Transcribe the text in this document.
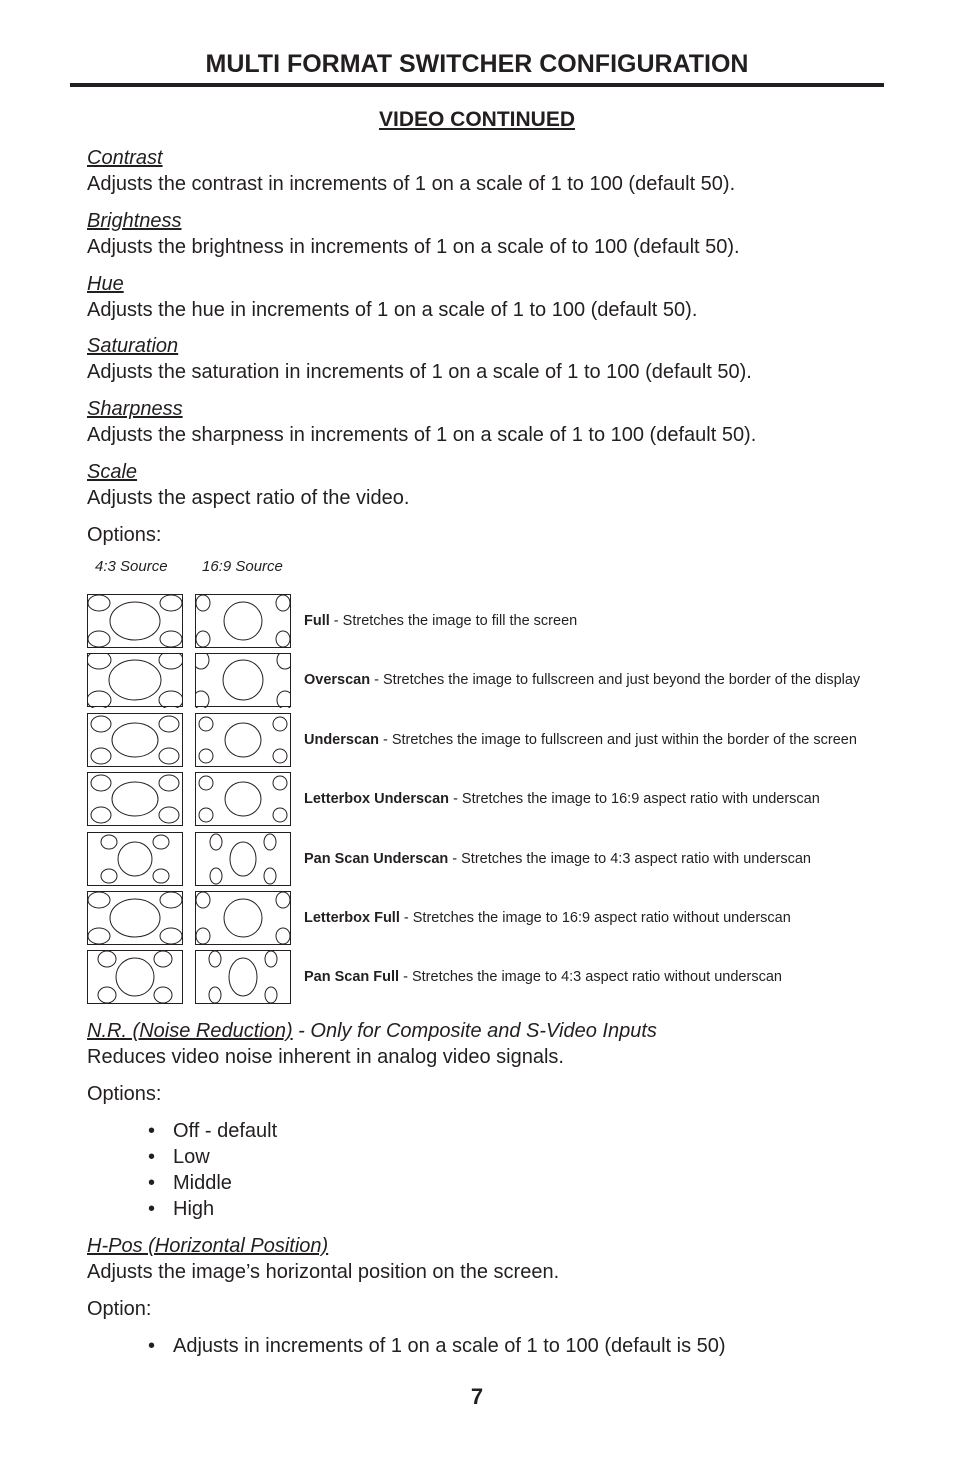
MULTI FORMAT SWITCHER CONFIGURATION
VIDEO CONTINUED
Contrast
Adjusts the contrast in increments of 1 on a scale of 1 to 100 (default 50).
Brightness
Adjusts the brightness in increments of 1 on a scale of to 100 (default 50).
Hue
Adjusts the hue in increments of 1 on a scale of 1 to 100 (default 50).
Saturation
Adjusts the saturation in increments of 1 on a scale of 1 to 100 (default 50).
Sharpness
Adjusts the sharpness in increments of 1 on a scale of 1 to 100 (default 50).
Scale
Adjusts the aspect ratio of the video.
Options:
4:3 Source 16:9 Source
Full - Stretches the image to fill the screen
Overscan - Stretches the image to fullscreen and just beyond the border of the display
Underscan - Stretches the image to fullscreen and just within the border of the screen
Letterbox Underscan - Stretches the image to 16:9 aspect ratio with underscan
Pan Scan Underscan - Stretches the image to 4:3 aspect ratio with underscan
Letterbox Full - Stretches the image to 16:9 aspect ratio without underscan
Pan Scan Full - Stretches the image to 4:3 aspect ratio without underscan
N.R. (Noise Reduction) - Only for Composite and S-Video Inputs
Reduces video noise inherent in analog video signals.
Options:
• Off - default
• Low
• Middle
• High
H-Pos (Horizontal Position)
Adjusts the image’s horizontal position on the screen.
Option:
• Adjusts in increments of 1 on a scale of 1 to 100 (default is 50)
7
